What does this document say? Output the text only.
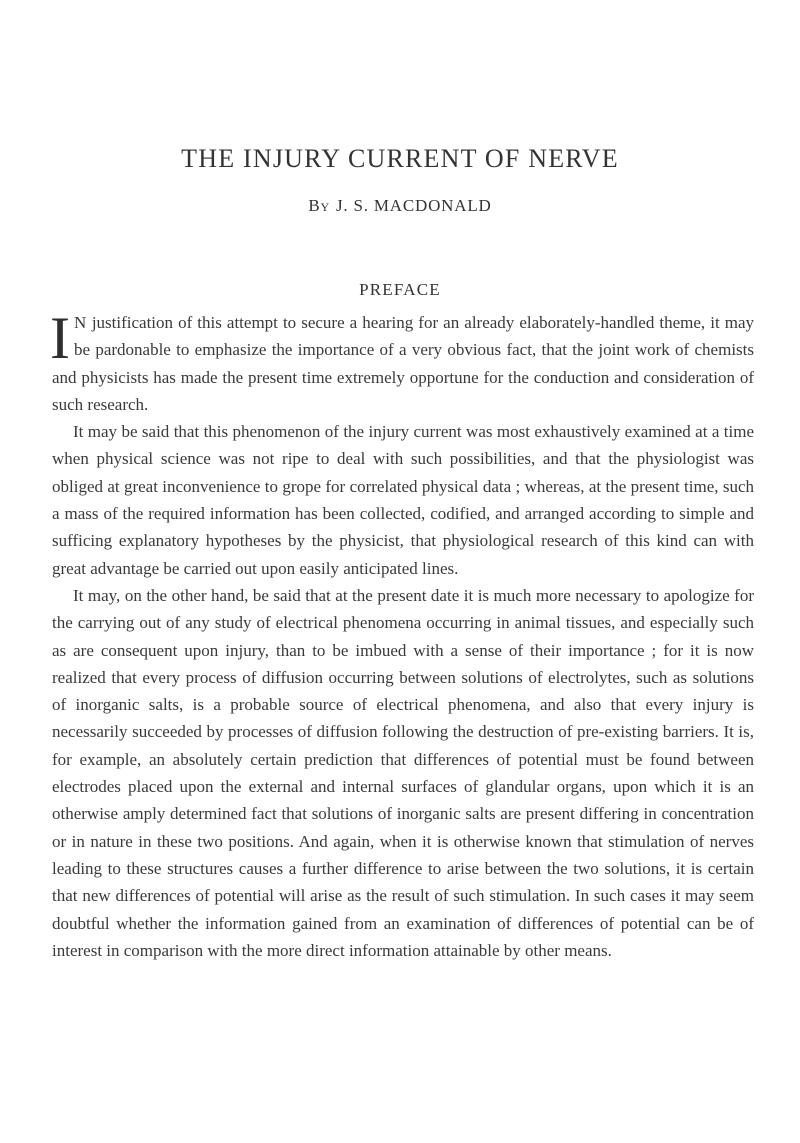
THE INJURY CURRENT OF NERVE
By J. S. MACDONALD
PREFACE

I N justification of this attempt to secure a hearing for an already elaborately-handled theme, it may be pardonable to emphasize the importance of a very obvious fact, that the joint work of chemists and physicists has made the present time extremely opportune for the conduction and consideration of such research.

It may be said that this phenomenon of the injury current was most exhaustively examined at a time when physical science was not ripe to deal with such possibilities, and that the physiologist was obliged at great inconvenience to grope for correlated physical data ; whereas, at the present time, such a mass of the required information has been collected, codified, and arranged according to simple and sufficing explanatory hypotheses by the physicist, that physiological research of this kind can with great advantage be carried out upon easily anticipated lines.

It may, on the other hand, be said that at the present date it is much more necessary to apologize for the carrying out of any study of electrical phenomena occurring in animal tissues, and especially such as are consequent upon injury, than to be imbued with a sense of their importance ; for it is now realized that every process of diffusion occurring between solutions of electrolytes, such as solutions of inorganic salts, is a probable source of electrical phenomena, and also that every injury is necessarily succeeded by processes of diffusion following the destruction of pre-existing barriers. It is, for example, an absolutely certain prediction that differences of potential must be found between electrodes placed upon the external and internal surfaces of glandular organs, upon which it is an otherwise amply determined fact that solutions of inorganic salts are present differing in concentration or in nature in these two positions. And again, when it is otherwise known that stimulation of nerves leading to these structures causes a further difference to arise between the two solutions, it is certain that new differences of potential will arise as the result of such stimulation. In such cases it may seem doubtful whether the information gained from an examination of differences of potential can be of interest in comparison with the more direct information attainable by other means.
